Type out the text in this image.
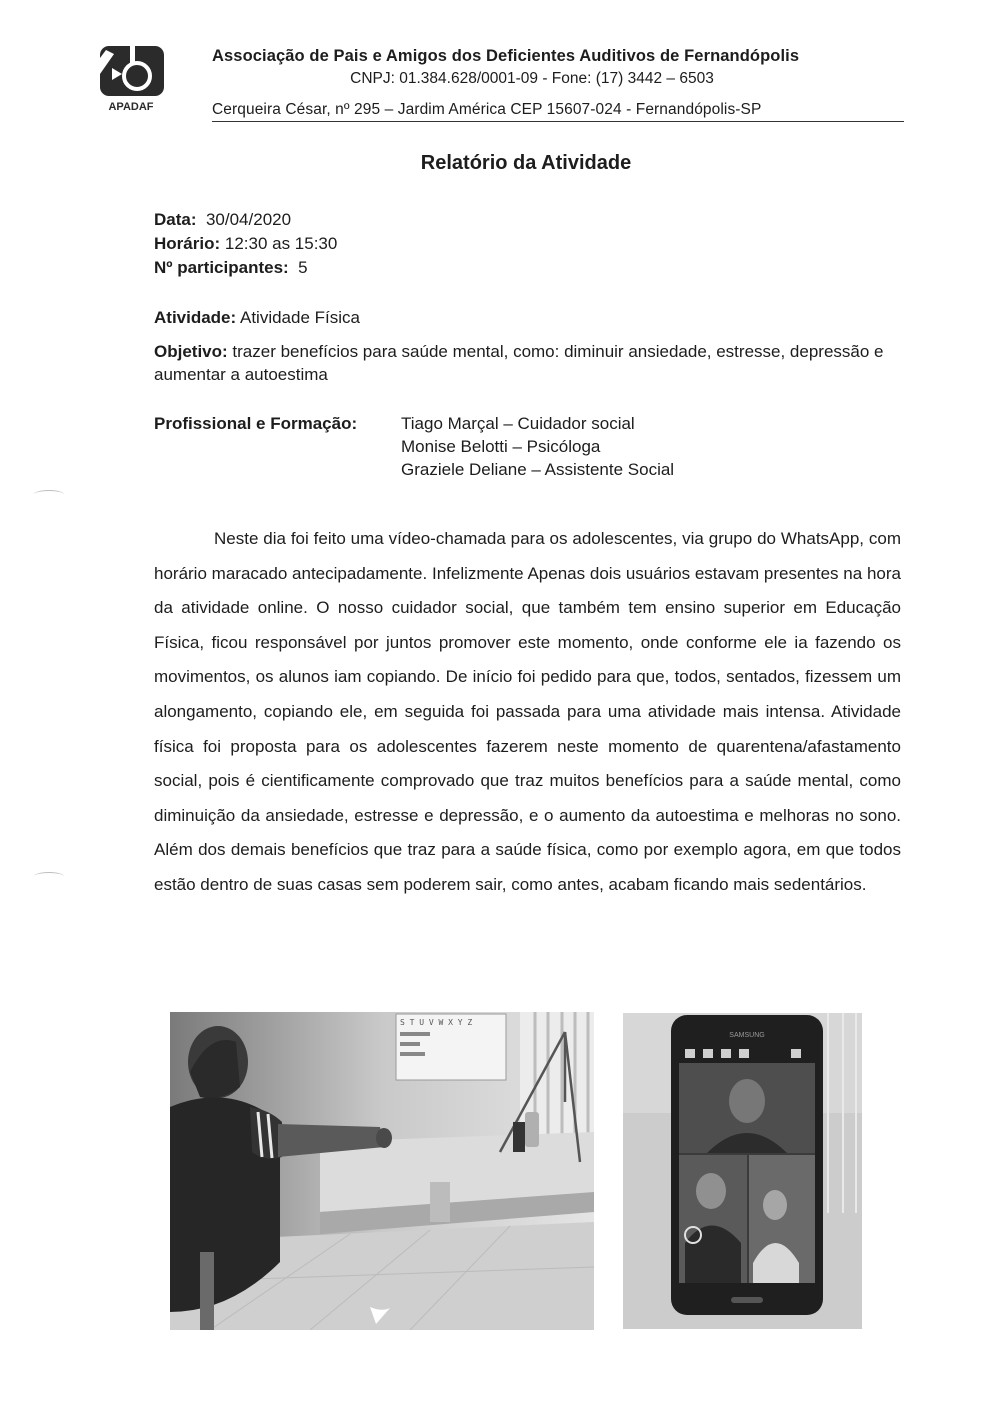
APADAF
Associação de Pais e Amigos dos Deficientes Auditivos de Fernandópolis
CNPJ: 01.384.628/0001-09 - Fone: (17) 3442 – 6503
Cerqueira César, nº 295 – Jardim América CEP 15607-024 - Fernandópolis-SP
Relatório da Atividade
Data: 30/04/2020
Horário: 12:30 as 15:30
Nº participantes: 5
Atividade: Atividade Física
Objetivo: trazer benefícios para saúde mental, como: diminuir ansiedade, estresse, depressão e aumentar a autoestima
Profissional e Formação:	Tiago Marçal – Cuidador social
Monise Belotti – Psicóloga
Graziele Deliane – Assistente Social
Neste dia foi feito uma vídeo-chamada para os adolescentes, via grupo do WhatsApp, com horário maracado antecipadamente. Infelizmente Apenas dois usuários estavam presentes na hora da atividade online. O nosso cuidador social, que também tem ensino superior em Educação Física, ficou responsável por juntos promover este momento, onde conforme ele ia fazendo os movimentos, os alunos iam copiando. De início foi pedido para que, todos, sentados, fizessem um alongamento, copiando ele, em seguida foi passada para uma atividade mais intensa. Atividade física foi proposta para os adolescentes fazerem neste momento de quarentena/afastamento social, pois é cientificamente comprovado que traz muitos benefícios para a saúde mental, como diminuição da ansiedade, estresse e depressão, e o aumento da autoestima e melhoras no sono. Além dos demais benefícios que traz para a saúde física, como por exemplo agora, em que todos estão dentro de suas casas sem poderem sair, como antes, acabam ficando mais sedentários.
S T U V W X Y Z
SAMSUNG
